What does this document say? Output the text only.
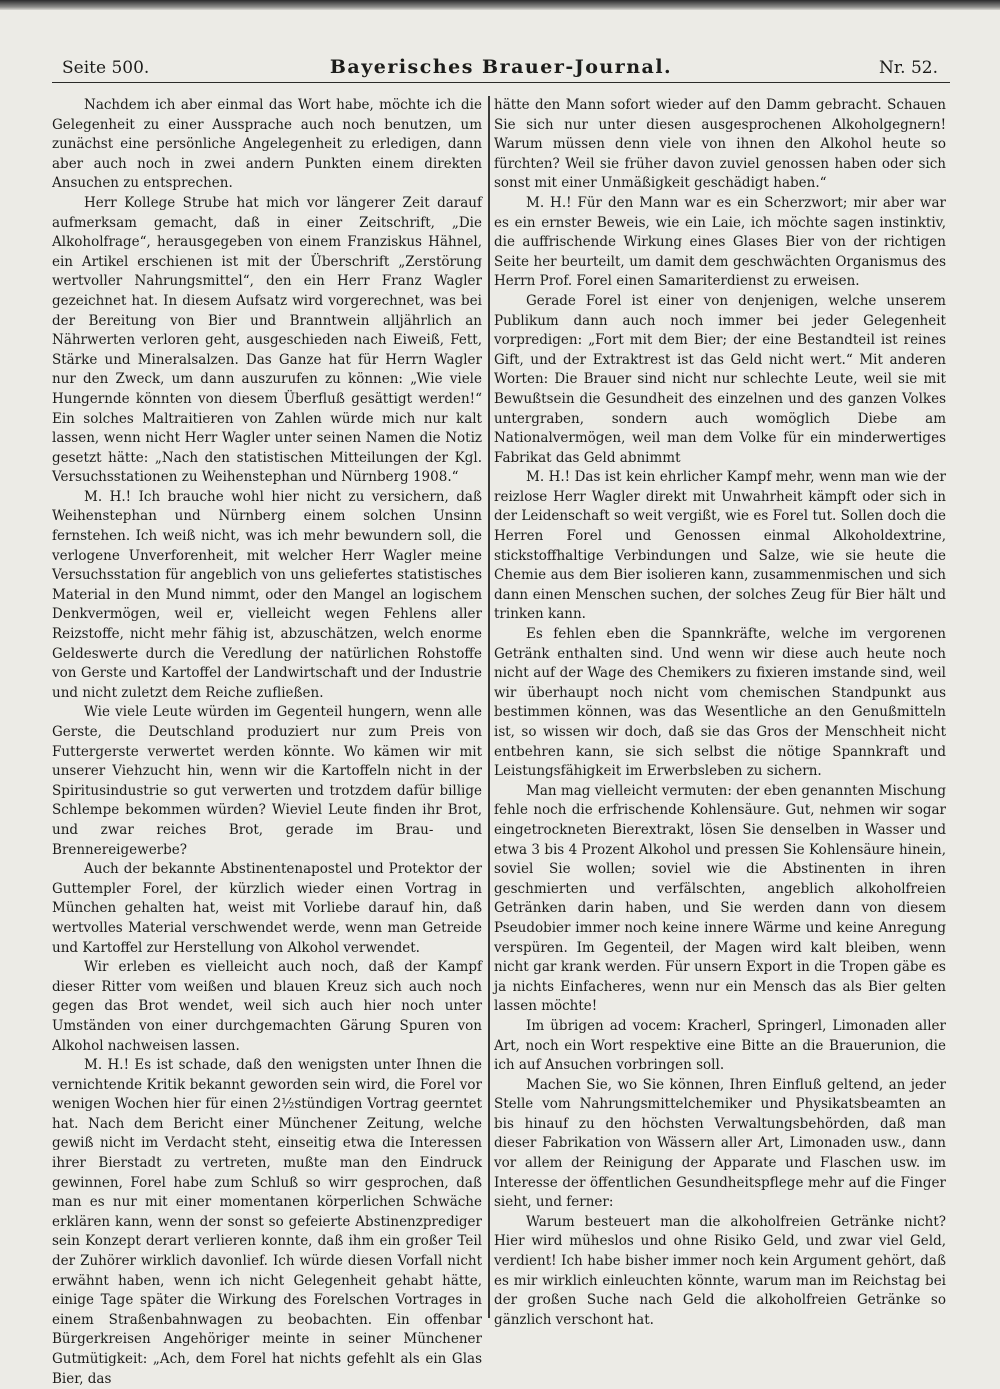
Seite 500.	Bayerisches Brauer-Journal.	Nr. 52.

Nachdem ich aber einmal das Wort habe, möchte ich die Gelegenheit zu einer Aussprache auch noch benutzen, um zunächst eine persönliche Angelegenheit zu erledigen, dann aber auch noch in zwei andern Punkten einem direkten Ansuchen zu entsprechen.

Herr Kollege Strube hat mich vor längerer Zeit darauf aufmerksam gemacht, daß in einer Zeitschrift, „Die Alkoholfrage“, herausgegeben von einem Franziskus Hähnel, ein Artikel erschienen ist mit der Überschrift „Zerstörung wertvoller Nahrungsmittel“, den ein Herr Franz Wagler gezeichnet hat. In diesem Aufsatz wird vorgerechnet, was bei der Bereitung von Bier und Branntwein alljährlich an Nährwerten verloren geht, ausgeschieden nach Eiweiß, Fett, Stärke und Mineralsalzen. Das Ganze hat für Herrn Wagler nur den Zweck, um dann auszurufen zu können: „Wie viele Hungernde könnten von diesem Überfluß gesättigt werden!“ Ein solches Maltraitieren von Zahlen würde mich nur kalt lassen, wenn nicht Herr Wagler unter seinen Namen die Notiz gesetzt hätte: „Nach den statistischen Mitteilungen der Kgl. Versuchsstationen zu Weihenstephan und Nürnberg 1908.“

M. H.! Ich brauche wohl hier nicht zu versichern, daß Weihenstephan und Nürnberg einem solchen Unsinn fernstehen. Ich weiß nicht, was ich mehr bewundern soll, die verlogene Unverforenheit, mit welcher Herr Wagler meine Versuchsstation für angeblich von uns geliefertes statistisches Material in den Mund nimmt, oder den Mangel an logischem Denkvermögen, weil er, vielleicht wegen Fehlens aller Reizstoffe, nicht mehr fähig ist, abzuschätzen, welch enorme Geldeswerte durch die Veredlung der natürlichen Rohstoffe von Gerste und Kartoffel der Landwirtschaft und der Industrie und nicht zuletzt dem Reiche zufließen.

Wie viele Leute würden im Gegenteil hungern, wenn alle Gerste, die Deutschland produziert nur zum Preis von Futtergerste verwertet werden könnte. Wo kämen wir mit unserer Viehzucht hin, wenn wir die Kartoffeln nicht in der Spiritusindustrie so gut verwerten und trotzdem dafür billige Schlempe bekommen würden? Wieviel Leute finden ihr Brot, und zwar reiches Brot, gerade im Brau- und Brennereigewerbe?

Auch der bekannte Abstinentenapostel und Protektor der Guttempler Forel, der kürzlich wieder einen Vortrag in München gehalten hat, weist mit Vorliebe darauf hin, daß wertvolles Material verschwendet werde, wenn man Getreide und Kartoffel zur Herstellung von Alkohol verwendet.

Wir erleben es vielleicht auch noch, daß der Kampf dieser Ritter vom weißen und blauen Kreuz sich auch noch gegen das Brot wendet, weil sich auch hier noch unter Umständen von einer durchgemachten Gärung Spuren von Alkohol nachweisen lassen.

M. H.! Es ist schade, daß den wenigsten unter Ihnen die vernichtende Kritik bekannt geworden sein wird, die Forel vor wenigen Wochen hier für einen 2½stündigen Vortrag geerntet hat. Nach dem Bericht einer Münchener Zeitung, welche gewiß nicht im Verdacht steht, einseitig etwa die Interessen ihrer Bierstadt zu vertreten, mußte man den Eindruck gewinnen, Forel habe zum Schluß so wirr gesprochen, daß man es nur mit einer momentanen körperlichen Schwäche erklären kann, wenn der sonst so gefeierte Abstinenzprediger sein Konzept derart verlieren konnte, daß ihm ein großer Teil der Zuhörer wirklich davonlief. Ich würde diesen Vorfall nicht erwähnt haben, wenn ich nicht Gelegenheit gehabt hätte, einige Tage später die Wirkung des Forelschen Vortrages in einem Straßenbahnwagen zu beobachten. Ein offenbar Bürgerkreisen Angehöriger meinte in seiner Münchener Gutmütigkeit: „Ach, dem Forel hat nichts gefehlt als ein Glas Bier, das

hätte den Mann sofort wieder auf den Damm gebracht. Schauen Sie sich nur unter diesen ausgesprochenen Alkoholgegnern! Warum müssen denn viele von ihnen den Alkohol heute so fürchten? Weil sie früher davon zuviel genossen haben oder sich sonst mit einer Unmäßigkeit geschädigt haben.“

M. H.! Für den Mann war es ein Scherzwort; mir aber war es ein ernster Beweis, wie ein Laie, ich möchte sagen instinktiv, die auffrischende Wirkung eines Glases Bier von der richtigen Seite her beurteilt, um damit dem geschwächten Organismus des Herrn Prof. Forel einen Samariterdienst zu erweisen.

Gerade Forel ist einer von denjenigen, welche unserem Publikum dann auch noch immer bei jeder Gelegenheit vorpredigen: „Fort mit dem Bier; der eine Bestandteil ist reines Gift, und der Extraktrest ist das Geld nicht wert.“ Mit anderen Worten: Die Brauer sind nicht nur schlechte Leute, weil sie mit Bewußtsein die Gesundheit des einzelnen und des ganzen Volkes untergraben, sondern auch womöglich Diebe am Nationalvermögen, weil man dem Volke für ein minderwertiges Fabrikat das Geld abnimmt

M. H.! Das ist kein ehrlicher Kampf mehr, wenn man wie der reizlose Herr Wagler direkt mit Unwahrheit kämpft oder sich in der Leidenschaft so weit vergißt, wie es Forel tut. Sollen doch die Herren Forel und Genossen einmal Alkoholdextrine, stickstoffhaltige Verbindungen und Salze, wie sie heute die Chemie aus dem Bier isolieren kann, zusammenmischen und sich dann einen Menschen suchen, der solches Zeug für Bier hält und trinken kann.

Es fehlen eben die Spannkräfte, welche im vergorenen Getränk enthalten sind. Und wenn wir diese auch heute noch nicht auf der Wage des Chemikers zu fixieren imstande sind, weil wir überhaupt noch nicht vom chemischen Standpunkt aus bestimmen können, was das Wesentliche an den Genußmitteln ist, so wissen wir doch, daß sie das Gros der Menschheit nicht entbehren kann, sie sich selbst die nötige Spannkraft und Leistungsfähigkeit im Erwerbsleben zu sichern.

Man mag vielleicht vermuten: der eben genannten Mischung fehle noch die erfrischende Kohlensäure. Gut, nehmen wir sogar eingetrockneten Bierextrakt, lösen Sie denselben in Wasser und etwa 3 bis 4 Prozent Alkohol und pressen Sie Kohlensäure hinein, soviel Sie wollen; soviel wie die Abstinenten in ihren geschmierten und verfälschten, angeblich alkoholfreien Getränken darin haben, und Sie werden dann von diesem Pseudobier immer noch keine innere Wärme und keine Anregung verspüren. Im Gegenteil, der Magen wird kalt bleiben, wenn nicht gar krank werden. Für unsern Export in die Tropen gäbe es ja nichts Einfacheres, wenn nur ein Mensch das als Bier gelten lassen möchte!

Im übrigen ad vocem: Kracherl, Springerl, Limonaden aller Art, noch ein Wort respektive eine Bitte an die Brauerunion, die ich auf Ansuchen vorbringen soll.

Machen Sie, wo Sie können, Ihren Einfluß geltend, an jeder Stelle vom Nahrungsmittelchemiker und Physikatsbeamten an bis hinauf zu den höchsten Verwaltungsbehörden, daß man dieser Fabrikation von Wässern aller Art, Limonaden usw., dann vor allem der Reinigung der Apparate und Flaschen usw. im Interesse der öffentlichen Gesundheitspflege mehr auf die Finger sieht, und ferner:

Warum besteuert man die alkoholfreien Getränke nicht? Hier wird müheslos und ohne Risiko Geld, und zwar viel Geld, verdient! Ich habe bisher immer noch kein Argument gehört, daß es mir wirklich einleuchten könnte, warum man im Reichstag bei der großen Suche nach Geld die alkoholfreien Getränke so gänzlich verschont hat.
